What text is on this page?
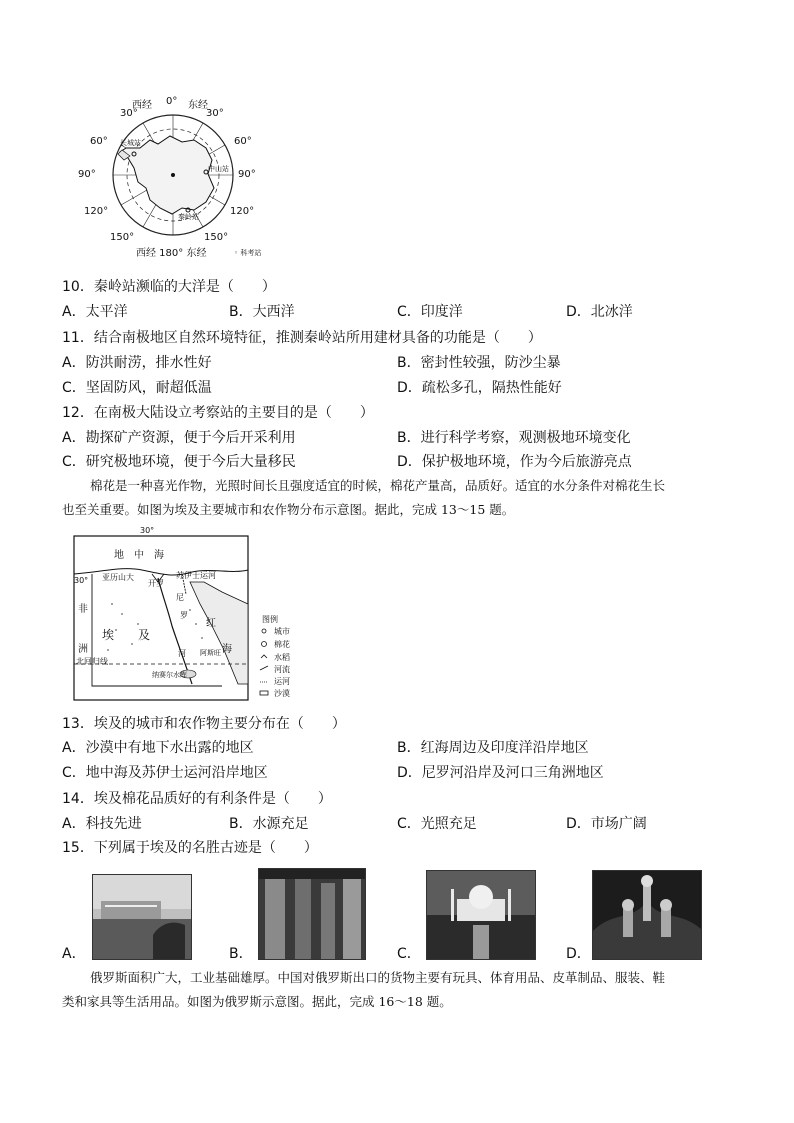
西经 0° 东经
30°	30°
60°	60°
90°	90°
120°	120°
150°	150°
西经 180° 东经
长城站
中山站
秦岭站
◦ 科考站
10．秦岭站濒临的大洋是（　　）
A．太平洋	B．大西洋	C．印度洋	D．北冰洋
11．结合南极地区自然环境特征，推测秦岭站所用建材具备的功能是（　　）
A．防洪耐涝，排水性好	B．密封性较强，防沙尘暴
C．坚固防风，耐超低温	D．疏松多孔，隔热性能好
12．在南极大陆设立考察站的主要目的是（　　）
A．勘探矿产资源，便于今后开采利用	B．进行科学考察，观测极地环境变化
C．研究极地环境，便于今后大量移民	D．保护极地环境，作为今后旅游亮点
棉花是一种喜光作物，光照时间长且强度适宜的时候，棉花产量高，品质好。适宜的水分条件对棉花生长
也至关重要。如图为埃及主要城市和农作物分布示意图。据此，完成 13～15 题。
30°
30°
地　中　海
亚历山大	苏伊士运河
开罗
非
洲
北回归线
埃　　及
红
海
尼
罗
河 阿斯旺
纳赛尔水库
图例
城市
棉花
水稻
河流
运河
沙漠
13．埃及的城市和农作物主要分布在（　　）
A．沙漠中有地下水出露的地区	B．红海周边及印度洋沿岸地区
C．地中海及苏伊士运河沿岸地区	D．尼罗河沿岸及河口三角洲地区
14．埃及棉花品质好的有利条件是（　　）
A．科技先进	B．水源充足	C．光照充足	D．市场广阔
15．下列属于埃及的名胜古迹是（　　）
A．	B．	C．	D．
俄罗斯面积广大，工业基础雄厚。中国对俄罗斯出口的货物主要有玩具、体育用品、皮革制品、服装、鞋
类和家具等生活用品。如图为俄罗斯示意图。据此，完成 16～18 题。
